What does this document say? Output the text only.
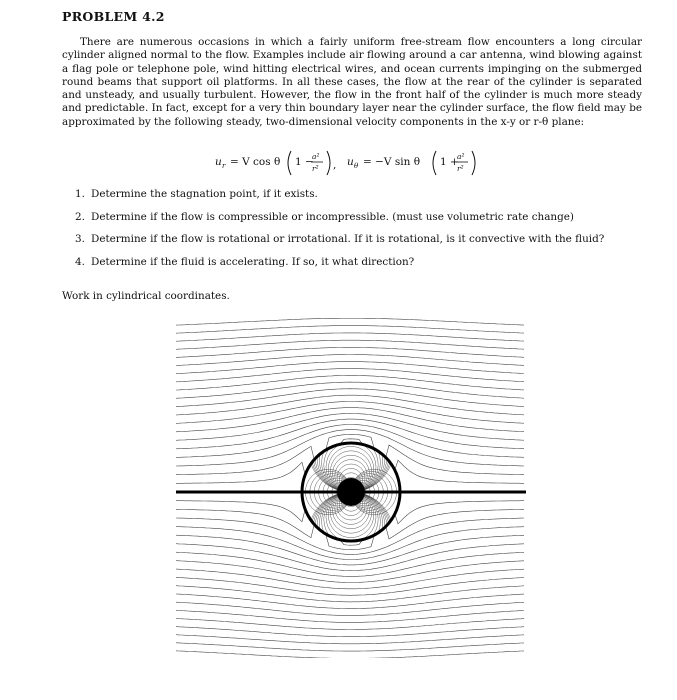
PROBLEM 4.2
There are numerous occasions in which a fairly uniform free-stream flow encounters a long circular cylinder aligned normal to the flow. Examples include air flowing around a car antenna, wind blowing against a flag pole or telephone pole, wind hitting electrical wires, and ocean currents impinging on the submerged round beams that support oil platforms. In all these cases, the flow at the rear of the cylinder is separated and unsteady, and usually turbulent. However, the flow in the front half of the cylinder is much more steady and predictable. In fact, except for a very thin boundary layer near the cylinder surface, the flow field may be approximated by the following steady, two-dimensional velocity components in the x-y or r-θ plane:
u r = V cos θ 1 −
a²
r² , u θ = −V sin θ 1 +
a²
r²
1. Determine the stagnation point, if it exists.
2. Determine if the flow is compressible or incompressible. (must use volumetric rate change)
3. Determine if the flow is rotational or irrotational. If it is rotational, is it convective with the fluid?
4. Determine if the fluid is accelerating. If so, it what direction?
Work in cylindrical coordinates.
